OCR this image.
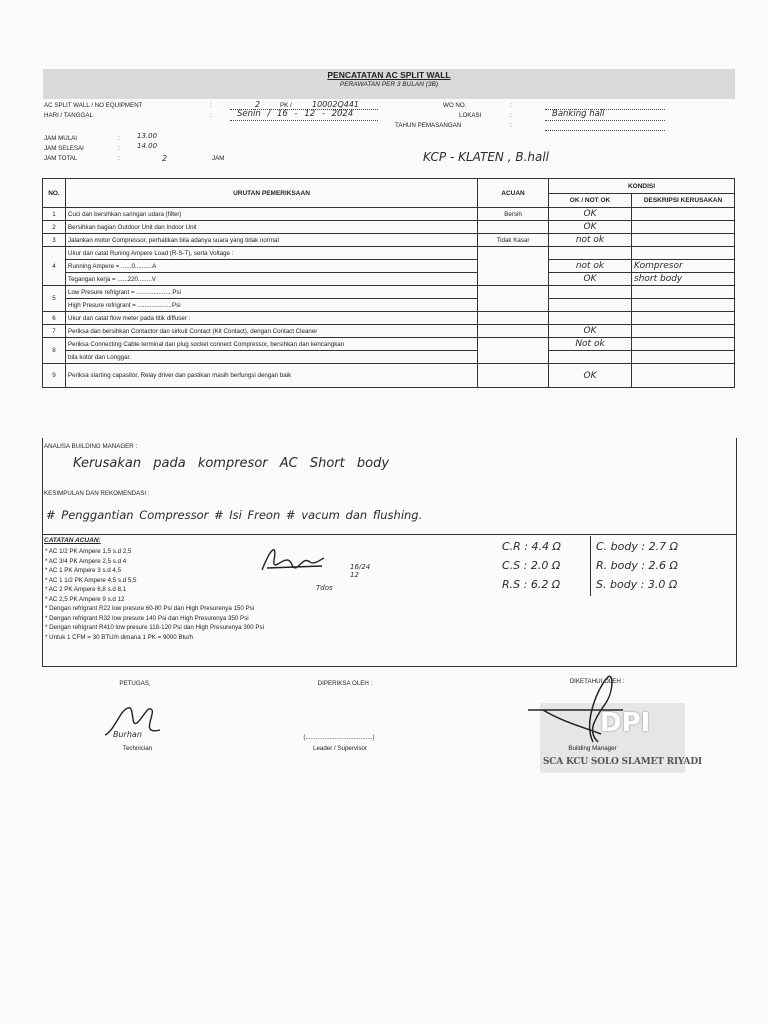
PENCATATAN AC SPLIT WALL
PERAWATAN PER 3 BULAN (3B)
AC SPLIT WALL / NO EQUIPMENT	:	2	PK /	10002Q441
HARI / TANGGAL	:	Senin / 16 - 12 - 2024
WO NO.	:
LOKASI	:	Banking hall
TAHUN PEMASANGAN	:
JAM MULAI	: 13.00
JAM SELESAI	: 14.00
JAM TOTAL	:	2	JAM	KCP - KLATEN , B.hall
NO.	URUTAN PEMERIKSAAN	ACUAN	KONDISI	
			OK / NOT OK	DESKRIPSI KERUSAKAN
1	Cuci dan bersihkan saringan udara (filter)	Bersih	OK	
2	Bersihkan bagian Outdoor Unit dan Indoor Unit		OK	
3	Jalankan motor Compressor, perhatikan bila adanya suara yang tidak normal	Tidak Kasar	not ok	
4	Ukur dan catat Runing Ampere Load (R-S-T), serta Voltage :			
	Running Ampere = ......0..........A		not ok	Kompresor
	Tegangan kerja = ......220........V		OK	short body
5	Low Presure refrigrant = .....................Psi			
	High Presure refrigrant = ....................Psi			
6	Ukur dan catat flow meter pada titik diffuser :			
7	Periksa dan bersihkan Contactor dan sirkuit Contact (Kit Contact), dengan Contact Cleaner		OK	
8	Periksa Connecting Cable terminal dan plug socket connect Compressor, bersihkan dan kencangkan		Not ok	
	bila kotor dan Longgar.			
9	Periksa starting capasitor, Relay driver dan pastikan masih berfungsi dengan baik		OK	
ANALISA BUILDING MANAGER :
Kerusakan pada kompresor AC Short body
KESIMPULAN DAN REKOMENDASI :
# Penggantian Compressor # Isi Freon # vacum dan flushing.
CATATAN ACUAN:
* AC 1/2 PK Ampere 1,5 s.d 2,5
* AC 3/4 PK Ampere 2,5 s.d 4
* AC 1 PK Ampere 3 s.d 4,5
* AC 1 1/2 PK Ampere 4,5 s.d 5,5
* AC 2 PK Ampere 6,8 s.d 8,1
* AC 2,5 PK Ampere 9 s.d 12
* Dengan refrigrant R22 low presure 60-80 Psi dan High Presurenya 150 Psi
* Dengan refrigrant R32 low presure 140 Psi dan High Presurenya 350 Psi
* Dengan refrigrant R410 low presure 118-120 Psi dan High Presurenya 300 Psi
* Untuk 1 CFM = 30 BTU/h dimana 1 PK = 9000 Btu/h
16/24
12
Tdos
C.R : 4.4 Ω
C.S : 2.0 Ω
R.S : 6.2 Ω
C. body : 2.7 Ω
R. body : 2.6 Ω
S. body : 3.0 Ω
PETUGAS,
Burhan
Technician
DIPERIKSA OLEH :
(.......................................)
Leader / Supervisor
DIKETAHUI OLEH :
DPI
SCA KCU SOLO SLAMET RIYADI
Building Manager
